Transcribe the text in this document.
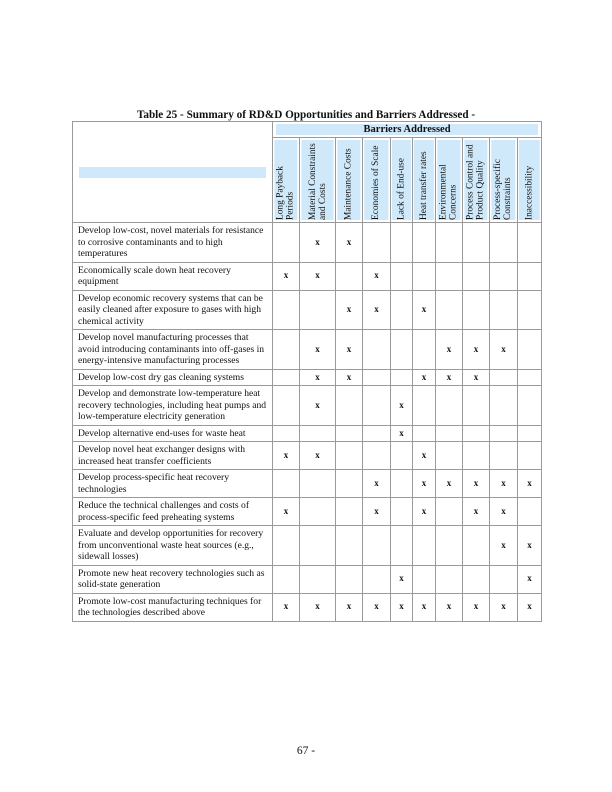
Table 25 - Summary of RD&D Opportunities and Barriers Addressed -

	Barriers Addressed									

Long Payback Periods	Material Constraints and Costs	Maintenance Costs	Economies of Scale	Lack of End-use	Heat transfer rates	Environmental Concerns	Process Control and Product Quality	Process-specific Constraints	Inaccessibility

Develop low-cost, novel materials for resistance to corrosive contaminants and to high temperatures		x	x							
Economically scale down heat recovery equipment	x	x		x						
Develop economic recovery systems that can be easily cleaned after exposure to gases with high chemical activity			x	x		x				
Develop novel manufacturing processes that avoid introducing contaminants into off-gases in energy-intensive manufacturing processes		x	x				x	x	x	
Develop low-cost dry gas cleaning systems		x	x			x	x	x		
Develop and demonstrate low-temperature heat recovery technologies, including heat pumps and low-temperature electricity generation		x			x					
Develop alternative end-uses for waste heat					x					
Develop novel heat exchanger designs with increased heat transfer coefficients	x	x				x				
Develop process-specific heat recovery technologies				x		x	x	x	x	x
Reduce the technical challenges and costs of process-specific feed preheating systems	x			x		x		x	x	
Evaluate and develop opportunities for recovery from unconventional waste heat sources (e.g., sidewall losses)									x	x
Promote new heat recovery technologies such as solid-state generation					x					x
Promote low-cost manufacturing techniques for the technologies described above	x	x	x	x	x	x	x	x	x	x
67 -
